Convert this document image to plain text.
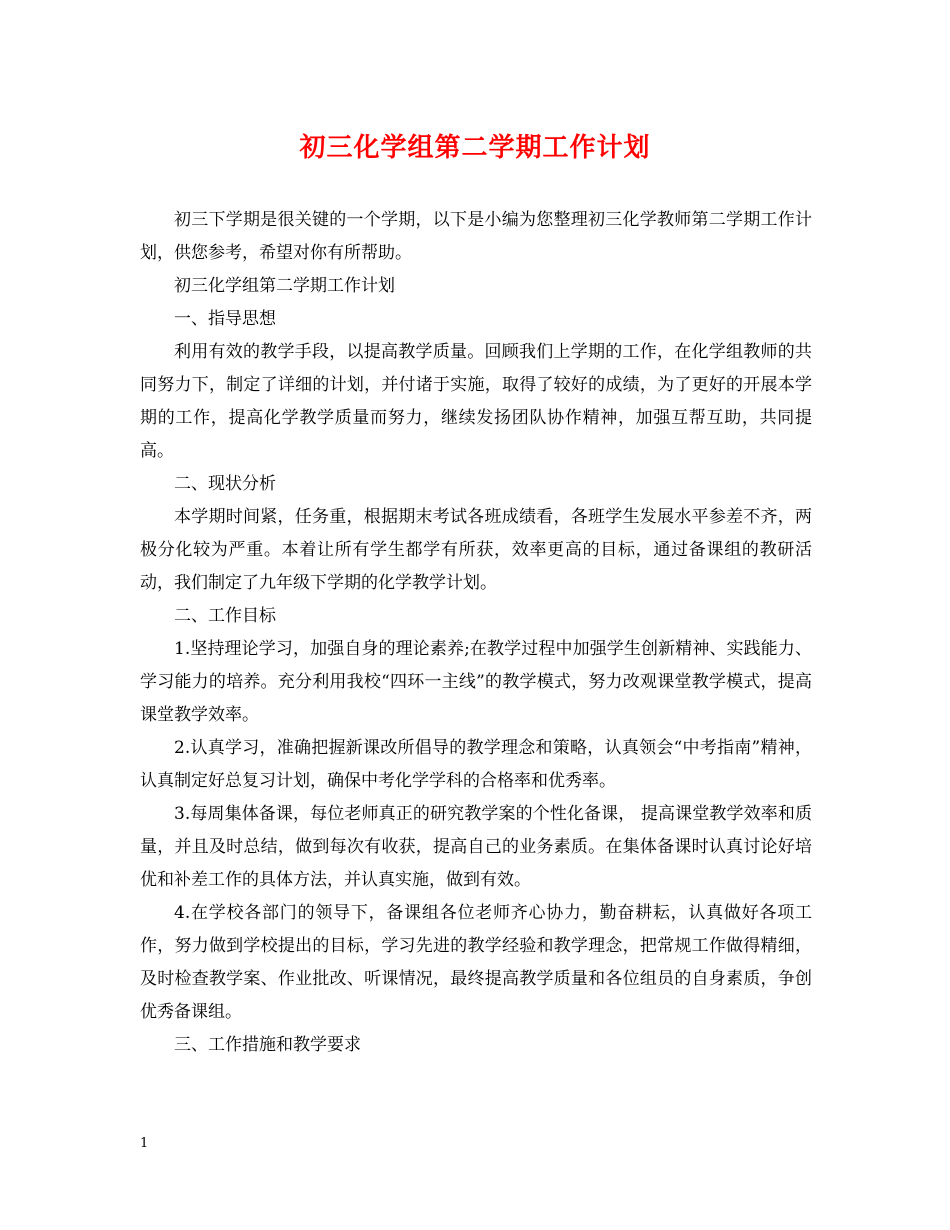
初三化学组第二学期工作计划

初三下学期是很关键的一个学期，以下是小编为您整理初三化学教师第二学期工作计划，供您参考，希望对你有所帮助。

初三化学组第二学期工作计划

一、指导思想

利用有效的教学手段，以提高教学质量。回顾我们上学期的工作，在化学组教师的共同努力下，制定了详细的计划，并付诸于实施，取得了较好的成绩，为了更好的开展本学期的工作，提高化学教学质量而努力，继续发扬团队协作精神，加强互帮互助，共同提高。

二、现状分析

本学期时间紧，任务重，根据期末考试各班成绩看，各班学生发展水平参差不齐，两极分化较为严重。本着让所有学生都学有所获，效率更高的目标，通过备课组的教研活动，我们制定了九年级下学期的化学教学计划。

二、工作目标

1.坚持理论学习，加强自身的理论素养;在教学过程中加强学生创新精神、实践能力、学习能力的培养。充分利用我校“四环一主线”的教学模式，努力改观课堂教学模式，提高课堂教学效率。

2.认真学习，准确把握新课改所倡导的教学理念和策略，认真领会“中考指南”精神，认真制定好总复习计划，确保中考化学学科的合格率和优秀率。

3.每周集体备课，每位老师真正的研究教学案的个性化备课， 提高课堂教学效率和质量，并且及时总结，做到每次有收获，提高自己的业务素质。在集体备课时认真讨论好培优和补差工作的具体方法，并认真实施，做到有效。

4.在学校各部门的领导下，备课组各位老师齐心协力，勤奋耕耘，认真做好各项工作，努力做到学校提出的目标，学习先进的教学经验和教学理念，把常规工作做得精细，及时检查教学案、作业批改、听课情况，最终提高教学质量和各位组员的自身素质，争创优秀备课组。

三、工作措施和教学要求

1
